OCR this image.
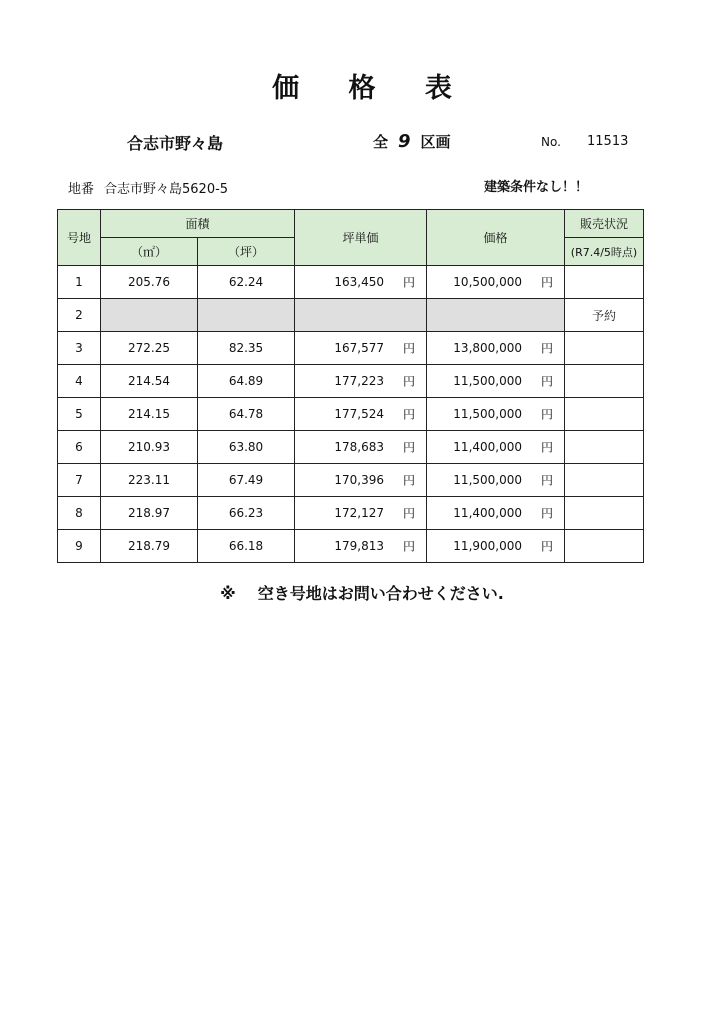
価 格 表
合志市野々島	全 9 区画	No. 11513
地番 合志市野々島5620-5	建築条件なし！！
号地	面積		坪単価	価格	販売状況
	（㎡）	（坪）			(R7.4/5時点)
1	205.76	62.24	163,450 円	10,500,000 円	

2					予約
3	272.25	82.35	167,577 円	13,800,000 円	

4	214.54	64.89	177,223 円	11,500,000 円	

5	214.15	64.78	177,524 円	11,500,000 円	

6	210.93	63.80	178,683 円	11,400,000 円	

7	223.11	67.49	170,396 円	11,500,000 円	

8	218.97	66.23	172,127 円	11,400,000 円	

9	218.79	66.18	179,813 円	11,900,000 円	

※ 空き号地はお問い合わせください.
